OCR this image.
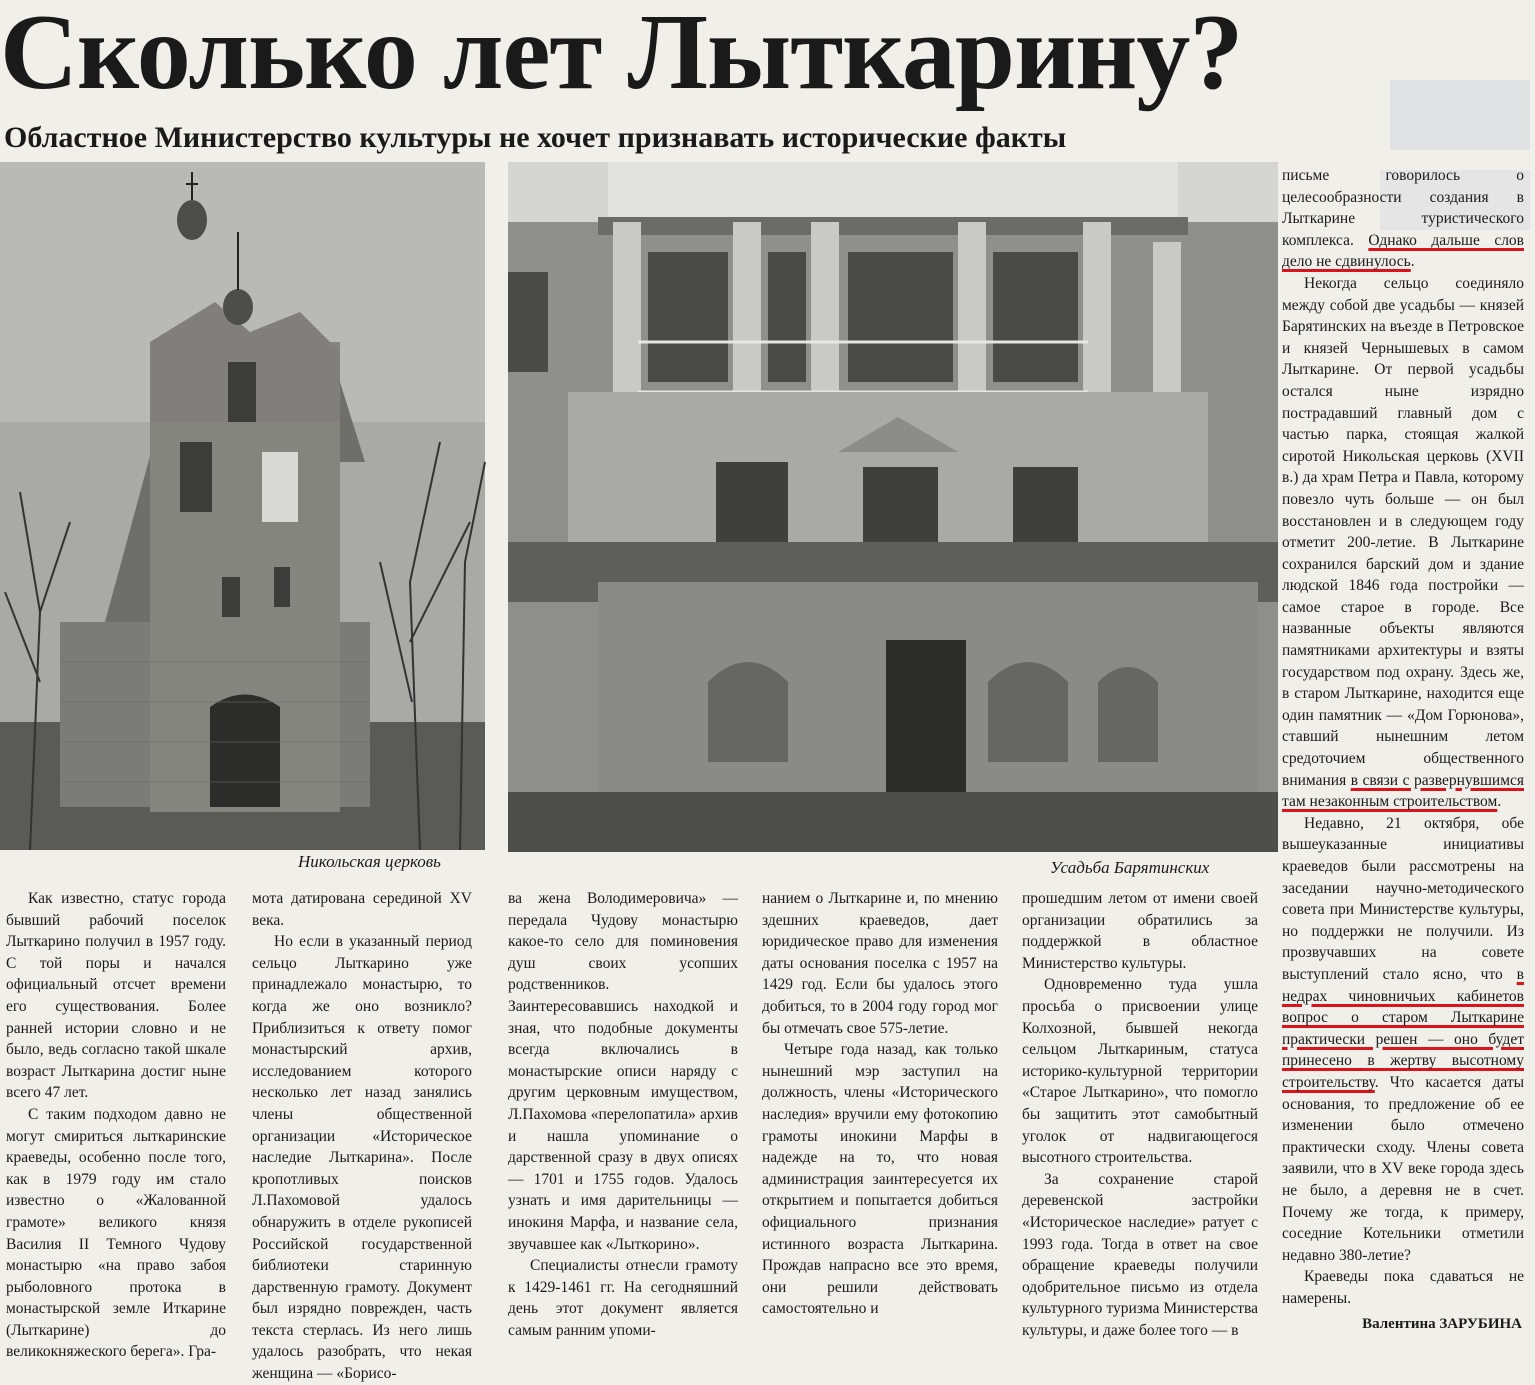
Сколько лет Лыткарину?
Областное Министерство культуры не хочет признавать исторические факты
Никольская церковь	Усадьба Барятинских

Как известно, статус города бывший рабочий поселок Лыткарино получил в 1957 году. С той поры и начался официальный отсчет времени его существования. Более ранней истории словно и не было, ведь согласно такой шкале возраст Лыткарина достиг ныне всего 47 лет.

С таким подходом давно не могут смириться лыткаринские краеведы, особенно после того, как в 1979 году им стало известно о «Жалованной грамоте» великого князя Василия II Темного Чудову монастырю «на право забоя рыболовного протока в монастырской земле Иткарине (Лыткарине) до великокняжеского берега». Гра-

мота датирована серединой XV века.

Но если в указанный период сельцо Лыткарино уже принадлежало монастырю, то когда же оно возникло? Приблизиться к ответу помог монастырский архив, исследованием которого несколько лет назад занялись члены общественной организации «Историческое наследие Лыткарина». После кропотливых поисков Л.Пахомовой удалось обнаружить в отделе рукописей Российской государственной библиотеки старинную дарственную грамоту. Документ был изрядно поврежден, часть текста стерлась. Из него лишь удалось разобрать, что некая женщина — «Борисо-

ва жена Володимеровича» — передала Чудову монастырю какое-то село для поминовения душ своих усопших родственников. Заинтересовавшись находкой и зная, что подобные документы всегда включались в монастырские описи наряду с другим церковным имуществом, Л.Пахомова «перелопатила» архив и нашла упоминание о дарственной сразу в двух описях — 1701 и 1755 годов. Удалось узнать и имя дарительницы — инокиня Марфа, и название села, звучавшее как «Лыткорино».

Специалисты отнесли грамоту к 1429-1461 гг. На сегодняшний день этот документ является самым ранним упоми-

нанием о Лыткарине и, по мнению здешних краеведов, дает юридическое право для изменения даты основания поселка с 1957 на 1429 год. Если бы удалось этого добиться, то в 2004 году город мог бы отмечать свое 575-летие.

Четыре года назад, как только нынешний мэр заступил на должность, члены «Исторического наследия» вручили ему фотокопию грамоты инокини Марфы в надежде на то, что новая администрация заинтересуется их открытием и попытается добиться официального признания истинного возраста Лыткарина. Прождав напрасно все это время, они решили действовать самостоятельно и

прошедшим летом от имени своей организации обратились за поддержкой в областное Министерство культуры.

Одновременно туда ушла просьба о присвоении улице Колхозной, бывшей некогда сельцом Лыткариным, статуса историко-культурной территории «Старое Лыткарино», что помогло бы защитить этот самобытный уголок от надвигающегося высотного строительства.

За сохранение старой деревенской застройки «Историческое наследие» ратует с 1993 года. Тогда в ответ на свое обращение краеведы получили одобрительное письмо из отдела культурного туризма Министерства культуры, и даже более того — в

письме говорилось о целесообразности создания в Лыткарине туристического комплекса. Однако дальше слов дело не сдвинулось.

Некогда сельцо соединяло между собой две усадьбы — князей Барятинских на въезде в Петровское и князей Чернышевых в самом Лыткарине. От первой усадьбы остался ныне изрядно пострадавший главный дом с частью парка, стоящая жалкой сиротой Никольская церковь (XVII в.) да храм Петра и Павла, которому повезло чуть больше — он был восстановлен и в следующем году отметит 200-летие. В Лыткарине сохранился барский дом и здание людской 1846 года постройки — самое старое в городе. Все названные объекты являются памятниками архитектуры и взяты государством под охрану. Здесь же, в старом Лыткарине, находится еще один памятник — «Дом Горюнова», ставший нынешним летом средоточием общественного внимания в связи с развернувшимся там незаконным строительством.

Недавно, 21 октября, обе вышеуказанные инициативы краеведов были рассмотрены на заседании научно-методического совета при Министерстве культуры, но поддержки не получили. Из прозвучавших на совете выступлений стало ясно, что в недрах чиновничьих кабинетов вопрос о старом Лыткарине практически решен — оно будет принесено в жертву высотному строительству. Что касается даты основания, то предложение об ее изменении было отмечено практически сходу. Члены совета заявили, что в XV веке города здесь не было, а деревня не в счет. Почему же тогда, к примеру, соседние Котельники отметили недавно 380-летие?

Краеведы пока сдаваться не намерены.

Валентина ЗАРУБИНА
